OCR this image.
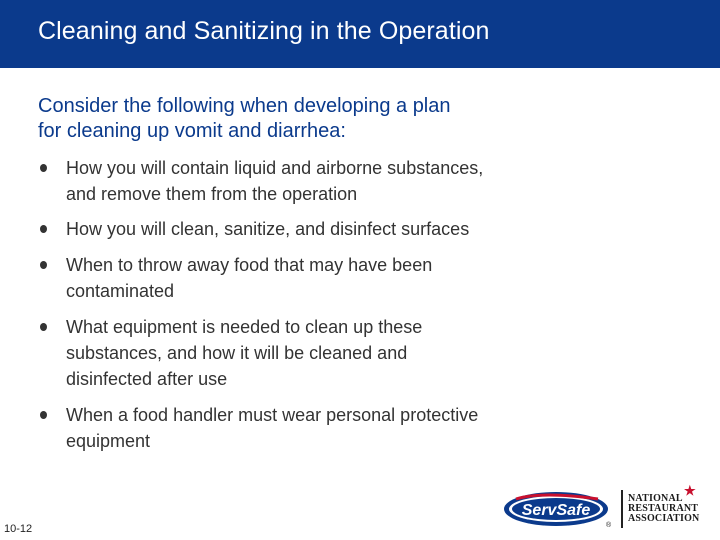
Cleaning and Sanitizing in the Operation
Consider the following when developing a plan
for cleaning up vomit and diarrhea:
How you will contain liquid and airborne substances,
and remove them from the operation
How you will clean, sanitize, and disinfect surfaces
When to throw away food that may have been
contaminated
What equipment is needed to clean up these
substances, and how it will be cleaned and
disinfected after use
When a food handler must wear personal protective
equipment
10-12
ServSafe
®
★
NATIONAL
RESTAURANT
ASSOCIATION
